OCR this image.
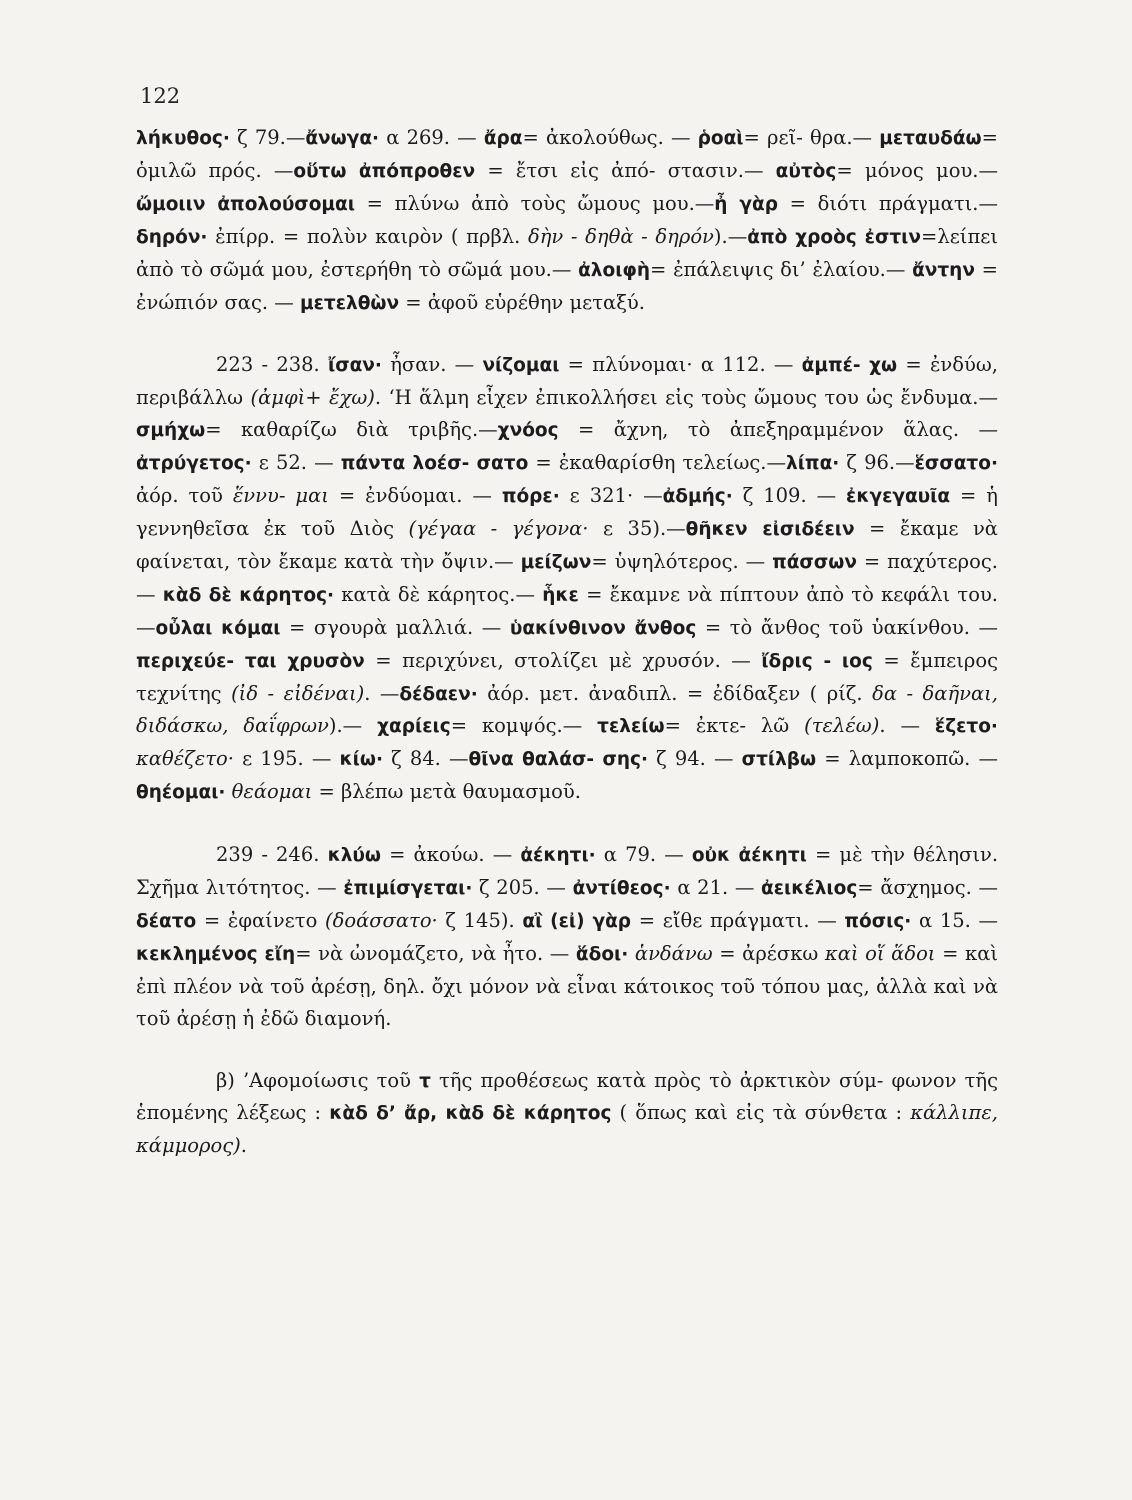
122

λήκυθος· ζ 79.—ἄνωγα· α 269. — ἄρα= ἀκολούθως. — ῥοαὶ= ρεῖ- θρα.— μεταυδάω= ὁμιλῶ πρός. —οὕτω ἀπόπροθεν = ἔτσι εἰς ἀπό- στασιν.— αὐτὸς= μόνος μου.— ὤμοιιν ἀπολούσομαι = πλύνω ἀπὸ τοὺς ὤμους μου.—ἦ γὰρ = διότι πράγματι.—δηρόν· ἐπίρρ. = πολὺν καιρὸν ( πρβλ. δὴν - δηθὰ - δηρόν).—ἀπὸ χροὸς ἐστιν=λείπει ἀπὸ τὸ σῶμά μου, ἐστερήθη τὸ σῶμά μου.— ἀλοιφὴ= ἐπάλειψις δι’ ἐλαίου.— ἄντην = ἐνώπιόν σας. — μετελθὼν = ἀφοῦ εὑρέθην μεταξύ.

223 - 238. ἴσαν· ἦσαν. — νίζομαι = πλύνομαι· α 112. — ἀμπέ- χω = ἐνδύω, περιβάλλω (ἀμφὶ+ ἔχω). ‘Η ἅλμη εἶχεν ἐπικολλήσει εἰς τοὺς ὤμους του ὡς ἔνδυμα.—σμήχω= καθαρίζω διὰ τριβῆς.—χνόος = ἄχνη, τὸ ἀπεξηραμμένον ἅλας. — ἀτρύγετος· ε 52. — πάντα λοέσ- σατο = ἐκαθαρίσθη τελείως.—λίπα· ζ 96.—ἕσσατο· ἀόρ. τοῦ ἕννυ- μαι = ἐνδύομαι. — πόρε· ε 321· —ἀδμής· ζ 109. — ἐκγεγαυῖα = ἡ γεννηθεῖσα ἐκ τοῦ Διὸς (γέγαα - γέγονα· ε 35).—θῆκεν εἰσιδέειν = ἔκαμε νὰ φαίνεται, τὸν ἔκαμε κατὰ τὴν ὄψιν.— μείζων= ὑψηλότερος. — πάσσων = παχύτερος. — κὰδ δὲ κάρητος· κατὰ δὲ κάρητος.— ἧκε = ἔκαμνε νὰ πίπτουν ἀπὸ τὸ κεφάλι του.—οὖλαι κόμαι = σγουρὰ μαλλιά. — ὑακίνθινον ἄνθος = τὸ ἄνθος τοῦ ὑακίνθου. — περιχεύε- ται χρυσὸν = περιχύνει, στολίζει μὲ χρυσόν. — ἴδρις - ιος = ἔμπειρος τεχνίτης (ἰδ - εἰδέναι). —δέδαεν· ἀόρ. μετ. ἀναδιπλ. = ἐδίδαξεν ( ρίζ. δα - δαῆναι, διδάσκω, δαΐφρων).— χαρίεις= κομψός.— τελείω= ἐκτε- λῶ (τελέω). — ἕζετο· καθέζετο· ε 195. — κίω· ζ 84. —θῖνα θαλάσ- σης· ζ 94. — στίλβω = λαμποκοπῶ. —θηέομαι· θεάομαι = βλέπω μετὰ θαυμασμοῦ.

239 - 246. κλύω = ἀκούω. — ἀέκητι· α 79. — οὐκ ἀέκητι = μὲ τὴν θέλησιν. Σχῆμα λιτότητος. — ἐπιμίσγεται· ζ 205. — ἀντίθεος· α 21. — ἀεικέλιος= ἄσχημος. — δέατο = ἐφαίνετο (δοάσσατο· ζ 145). αἲ (εἰ) γὰρ = εἴθε πράγματι. — πόσις· α 15. — κεκλημένος εἴη= νὰ ὠνομάζετο, νὰ ἦτο. — ἅδοι· ἁνδάνω = ἀρέσκω καὶ οἵ ἅδοι = καὶ ἐπὶ πλέον νὰ τοῦ ἀρέσῃ, δηλ. ὄχι μόνον νὰ εἶναι κάτοικος τοῦ τόπου μας, ἀλλὰ καὶ νὰ τοῦ ἀρέσῃ ἡ ἐδῶ διαμονή.

β) ’Αφομοίωσις τοῦ τ τῆς προθέσεως κατὰ πρὸς τὸ ἀρκτικὸν σύμ- φωνον τῆς ἑπομένης λέξεως : κὰδ δ’ ἄρ, κὰδ δὲ κάρητος ( ὅπως καὶ εἰς τὰ σύνθετα : κάλλιπε, κάμμορος).
